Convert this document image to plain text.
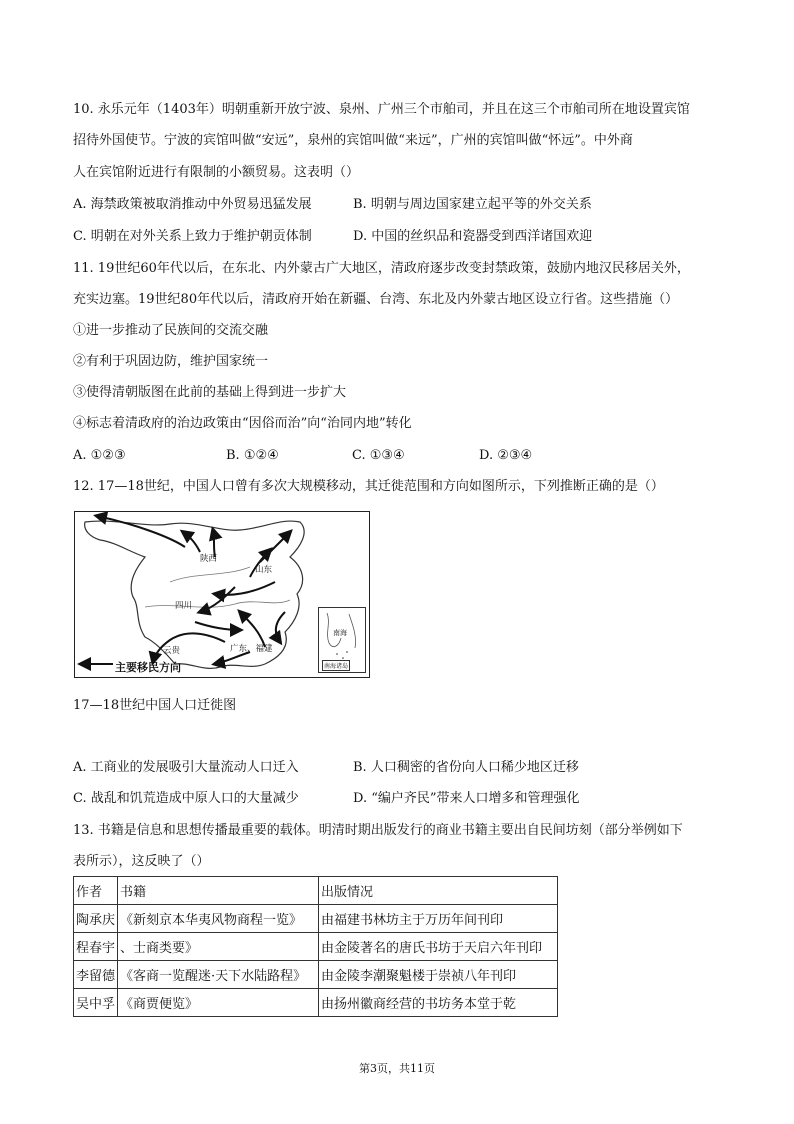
10. 永乐元年（1403年）明朝重新开放宁波、泉州、广州三个市舶司，并且在这三个市舶司所在地设置宾馆
招待外国使节。宁波的宾馆叫做“安远”，泉州的宾馆叫做“来远”，广州的宾馆叫做“怀远”。中外商
人在宾馆附近进行有限制的小额贸易。这表明（）
A. 海禁政策被取消推动中外贸易迅猛发展	B. 明朝与周边国家建立起平等的外交关系
C. 明朝在对外关系上致力于维护朝贡体制	D. 中国的丝织品和瓷器受到西洋诸国欢迎
11. 19世纪60年代以后，在东北、内外蒙古广大地区，清政府逐步改变封禁政策，鼓励内地汉民移居关外，
充实边塞。19世纪80年代以后，清政府开始在新疆、台湾、东北及内外蒙古地区设立行省。这些措施（）
①进一步推动了民族间的交流交融
②有利于巩固边防，维护国家统一
③使得清朝版图在此前的基础上得到进一步扩大
④标志着清政府的治边政策由“因俗而治”向“治同内地”转化
A. ①②③	B. ①②④	C. ①③④	D. ②③④
12. 17—18世纪，中国人口曾有多次大规模移动，其迁徙范围和方向如图所示，下列推断正确的是（）
陕西
山东
四川
云贵	广东、福建
主要移民方向
南海
南海诸岛
17—18世纪中国人口迁徙图
A. 工商业的发展吸引大量流动人口迁入	B. 人口稠密的省份向人口稀少地区迁移
C. 战乱和饥荒造成中原人口的大量减少	D. “编户齐民”带来人口增多和管理强化
13. 书籍是信息和思想传播最重要的载体。明清时期出版发行的商业书籍主要出自民间坊刻（部分举例如下
表所示），这反映了（）
作者	书籍	出版情况
陶承庆	《新刻京本华夷风物商程一览》	由福建书林坊主于万历年间刊印
程春宇	、士商类要》	由金陵著名的唐氏书坊于天启六年刊印
李留德	《客商一览醒迷·天下水陆路程》	由金陵李潮聚魁楼于崇祯八年刊印
吴中孚	《商贾便览》	由扬州徽商经营的书坊务本堂于乾
第3页，共11页
